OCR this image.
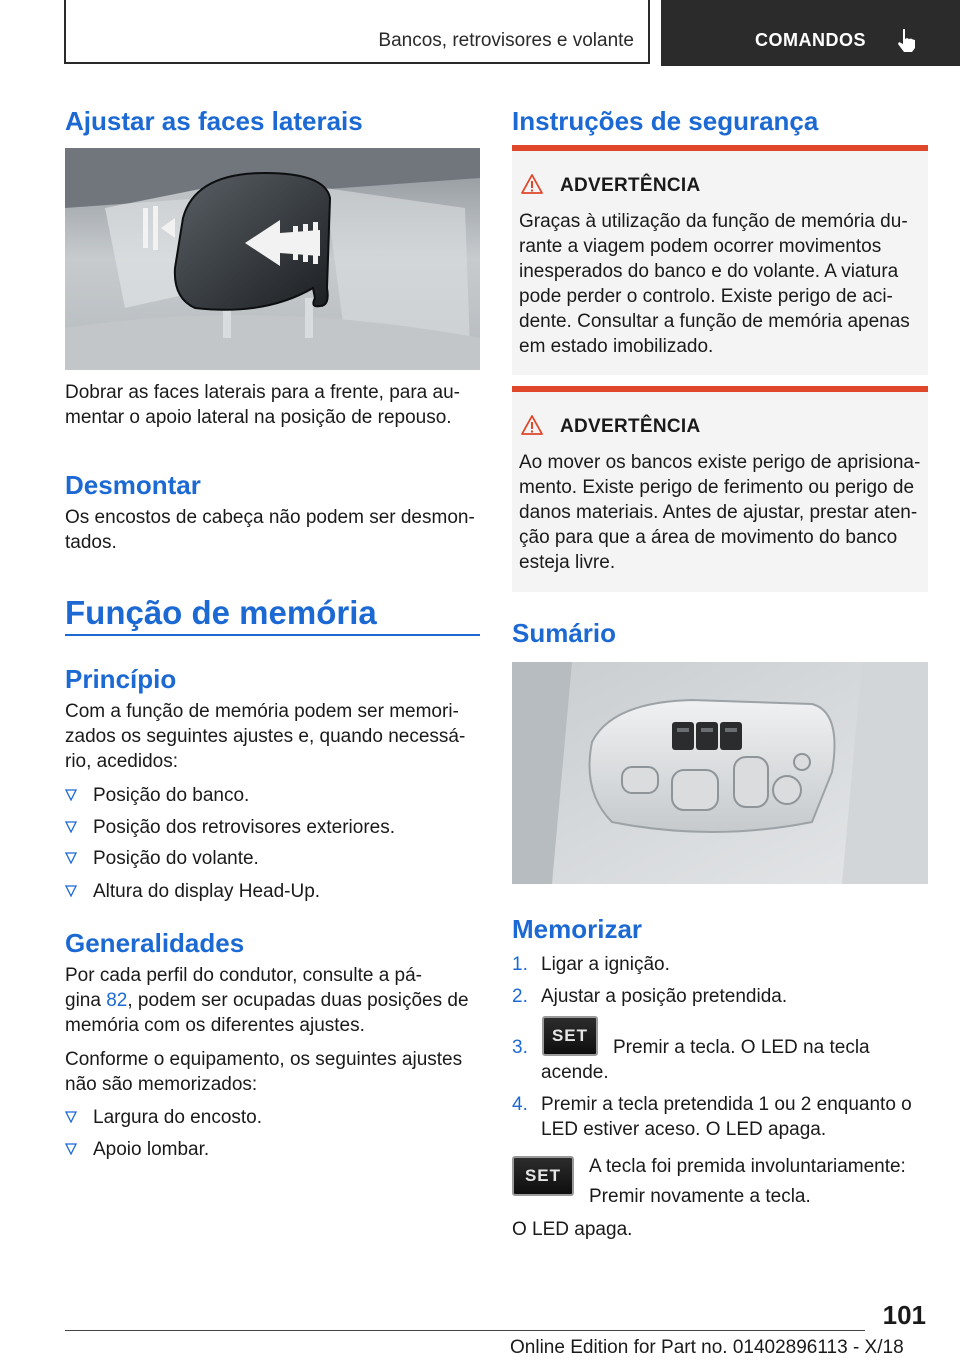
Bancos, retrovisores e volante	COMANDOS
Ajustar as faces laterais
Dobrar as faces laterais para a frente, para au-
mentar o apoio lateral na posição de repouso.
Desmontar
Os encostos de cabeça não podem ser desmon-
tados.
Função de memória
Princípio
Com a função de memória podem ser memori-
zados os seguintes ajustes e, quando necessá-
rio, acedidos:
Posição do banco.
Posição dos retrovisores exteriores.
Posição do volante.
Altura do display Head-Up.
Generalidades
Por cada perfil do condutor, consulte a pá-
gina 82, podem ser ocupadas duas posições de
memória com os diferentes ajustes.
Conforme o equipamento, os seguintes ajustes
não são memorizados:
Largura do encosto.
Apoio lombar.
Instruções de segurança
ADVERTÊNCIA
Graças à utilização da função de memória du-
rante a viagem podem ocorrer movimentos
inesperados do banco e do volante. A viatura
pode perder o controlo. Existe perigo de aci-
dente. Consultar a função de memória apenas
em estado imobilizado.
ADVERTÊNCIA
Ao mover os bancos existe perigo de aprisiona-
mento. Existe perigo de ferimento ou perigo de
danos materiais. Antes de ajustar, prestar aten-
ção para que a área de movimento do banco
esteja livre.
Sumário
Memorizar
1. Ligar a ignição.
2. Ajustar a posição pretendida.
3.
SET
Premir a tecla. O LED na tecla
acende.
4. Premir a tecla pretendida 1 ou 2 enquanto o
LED estiver aceso. O LED apaga.
SET	A tecla foi premida involuntariamente:
Premir novamente a tecla.
O LED apaga.
101
Online Edition for Part no. 01402896113 - X/18
